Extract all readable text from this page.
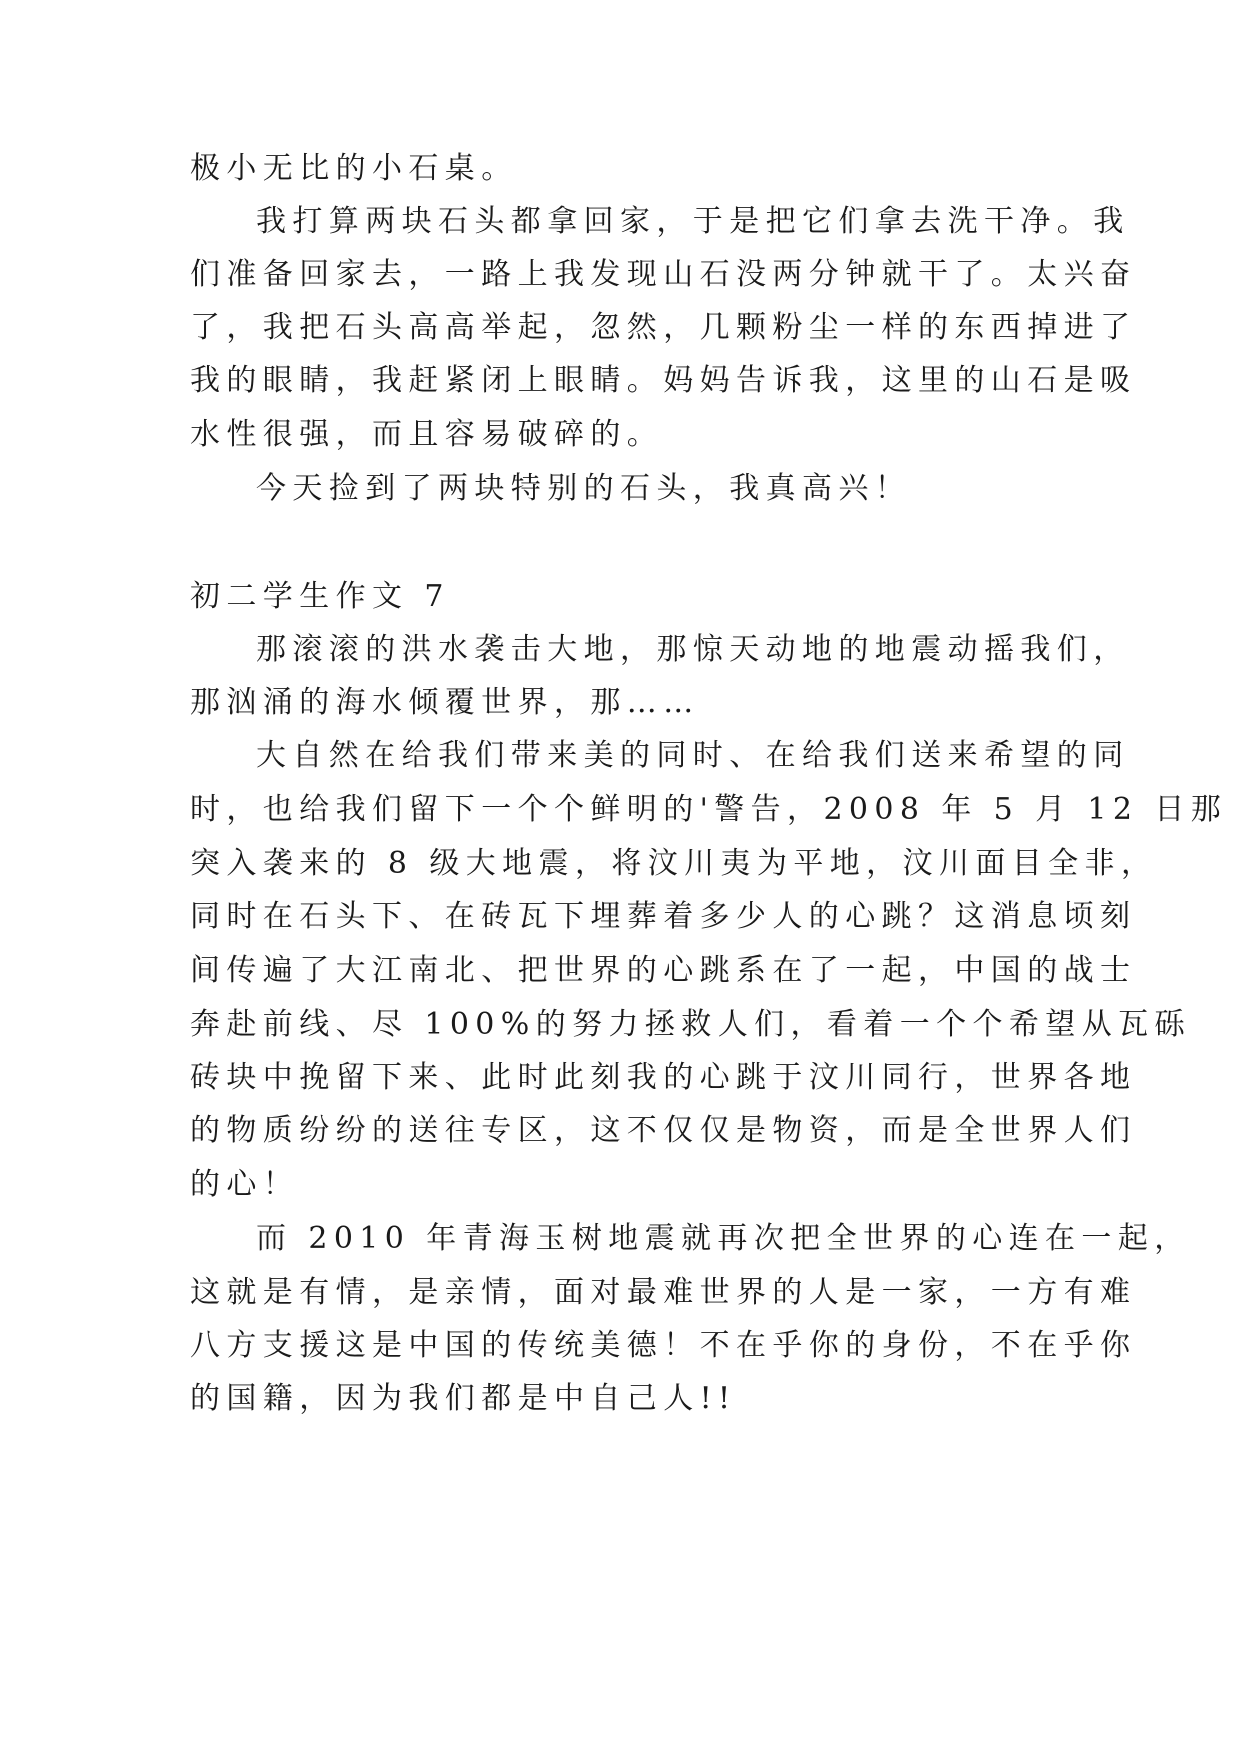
极小无比的小石桌。
我打算两块石头都拿回家，于是把它们拿去洗干净。我
们准备回家去，一路上我发现山石没两分钟就干了。太兴奋
了，我把石头高高举起，忽然，几颗粉尘一样的东西掉进了
我的眼睛，我赶紧闭上眼睛。妈妈告诉我，这里的山石是吸
水性很强，而且容易破碎的。
今天捡到了两块特别的石头，我真高兴！
初二学生作文 7
那滚滚的洪水袭击大地，那惊天动地的地震动摇我们，
那汹涌的海水倾覆世界，那……
大自然在给我们带来美的同时、在给我们送来希望的同
时，也给我们留下一个个鲜明的'警告，2008 年 5 月 12 日那
突入袭来的 8 级大地震，将汶川夷为平地，汶川面目全非，
同时在石头下、在砖瓦下埋葬着多少人的心跳？这消息顷刻
间传遍了大江南北、把世界的心跳系在了一起，中国的战士
奔赴前线、尽 100%的努力拯救人们，看着一个个希望从瓦砾
砖块中挽留下来、此时此刻我的心跳于汶川同行，世界各地
的物质纷纷的送往专区，这不仅仅是物资，而是全世界人们
的心！
而 2010 年青海玉树地震就再次把全世界的心连在一起，
这就是有情，是亲情，面对最难世界的人是一家，一方有难
八方支援这是中国的传统美德！不在乎你的身份，不在乎你
的国籍，因为我们都是中自己人!!
